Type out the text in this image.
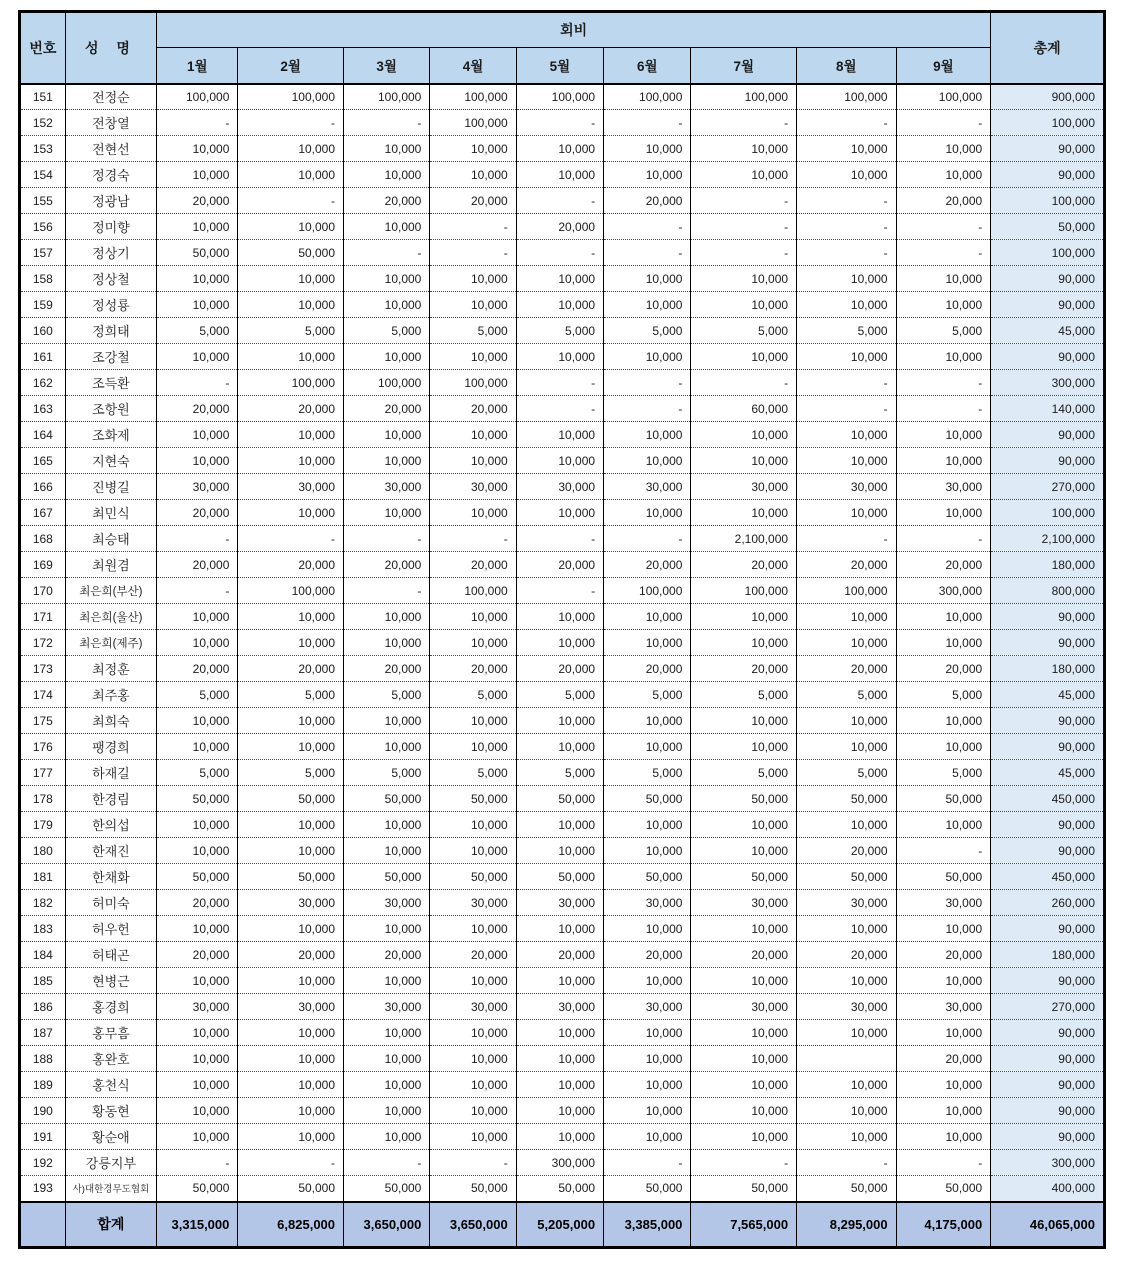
번호	성 명	회비									총계
		1월	2월	3월	4월	5월	6월	7월	8월	9월	
151	전정순	100,000	100,000	100,000	100,000	100,000	100,000	100,000	100,000	100,000	900,000
152	전창열	-	-	-	100,000	-	-	-	-	-	100,000
153	전현선	10,000	10,000	10,000	10,000	10,000	10,000	10,000	10,000	10,000	90,000
154	정경숙	10,000	10,000	10,000	10,000	10,000	10,000	10,000	10,000	10,000	90,000
155	정광남	20,000	-	20,000	20,000	-	20,000	-	-	20,000	100,000
156	정미향	10,000	10,000	10,000	-	20,000	-	-	-	-	50,000
157	정상기	50,000	50,000	-	-	-	-	-	-	-	100,000
158	정상철	10,000	10,000	10,000	10,000	10,000	10,000	10,000	10,000	10,000	90,000
159	정성룡	10,000	10,000	10,000	10,000	10,000	10,000	10,000	10,000	10,000	90,000
160	정희태	5,000	5,000	5,000	5,000	5,000	5,000	5,000	5,000	5,000	45,000
161	조강철	10,000	10,000	10,000	10,000	10,000	10,000	10,000	10,000	10,000	90,000
162	조득환	-	100,000	100,000	100,000	-	-	-	-	-	300,000
163	조항원	20,000	20,000	20,000	20,000	-	-	60,000	-	-	140,000
164	조화제	10,000	10,000	10,000	10,000	10,000	10,000	10,000	10,000	10,000	90,000
165	지현숙	10,000	10,000	10,000	10,000	10,000	10,000	10,000	10,000	10,000	90,000
166	진병길	30,000	30,000	30,000	30,000	30,000	30,000	30,000	30,000	30,000	270,000
167	최민식	20,000	10,000	10,000	10,000	10,000	10,000	10,000	10,000	10,000	100,000
168	최승태	-	-	-	-	-	-	2,100,000	-	-	2,100,000
169	최원겸	20,000	20,000	20,000	20,000	20,000	20,000	20,000	20,000	20,000	180,000
170	최은희(부산)	-	100,000	-	100,000	-	100,000	100,000	100,000	300,000	800,000
171	최은희(울산)	10,000	10,000	10,000	10,000	10,000	10,000	10,000	10,000	10,000	90,000
172	최은희(제주)	10,000	10,000	10,000	10,000	10,000	10,000	10,000	10,000	10,000	90,000
173	최정훈	20,000	20,000	20,000	20,000	20,000	20,000	20,000	20,000	20,000	180,000
174	최주홍	5,000	5,000	5,000	5,000	5,000	5,000	5,000	5,000	5,000	45,000
175	최희숙	10,000	10,000	10,000	10,000	10,000	10,000	10,000	10,000	10,000	90,000
176	팽경희	10,000	10,000	10,000	10,000	10,000	10,000	10,000	10,000	10,000	90,000
177	하재길	5,000	5,000	5,000	5,000	5,000	5,000	5,000	5,000	5,000	45,000
178	한경림	50,000	50,000	50,000	50,000	50,000	50,000	50,000	50,000	50,000	450,000
179	한의섭	10,000	10,000	10,000	10,000	10,000	10,000	10,000	10,000	10,000	90,000
180	한재진	10,000	10,000	10,000	10,000	10,000	10,000	10,000	20,000	-	90,000
181	한채화	50,000	50,000	50,000	50,000	50,000	50,000	50,000	50,000	50,000	450,000
182	허미숙	20,000	30,000	30,000	30,000	30,000	30,000	30,000	30,000	30,000	260,000
183	허우헌	10,000	10,000	10,000	10,000	10,000	10,000	10,000	10,000	10,000	90,000
184	허태곤	20,000	20,000	20,000	20,000	20,000	20,000	20,000	20,000	20,000	180,000
185	현병근	10,000	10,000	10,000	10,000	10,000	10,000	10,000	10,000	10,000	90,000
186	홍경희	30,000	30,000	30,000	30,000	30,000	30,000	30,000	30,000	30,000	270,000
187	홍무흠	10,000	10,000	10,000	10,000	10,000	10,000	10,000	10,000	10,000	90,000
188	홍완호	10,000	10,000	10,000	10,000	10,000	10,000	10,000		20,000	90,000
189	홍천식	10,000	10,000	10,000	10,000	10,000	10,000	10,000	10,000	10,000	90,000
190	황동현	10,000	10,000	10,000	10,000	10,000	10,000	10,000	10,000	10,000	90,000
191	황순애	10,000	10,000	10,000	10,000	10,000	10,000	10,000	10,000	10,000	90,000
192	강릉지부	-	-	-	-	300,000	-	-	-	-	300,000
193	사)대한경무도협회	50,000	50,000	50,000	50,000	50,000	50,000	50,000	50,000	50,000	400,000
	합계	3,315,000	6,825,000	3,650,000	3,650,000	5,205,000	3,385,000	7,565,000	8,295,000	4,175,000	46,065,000
